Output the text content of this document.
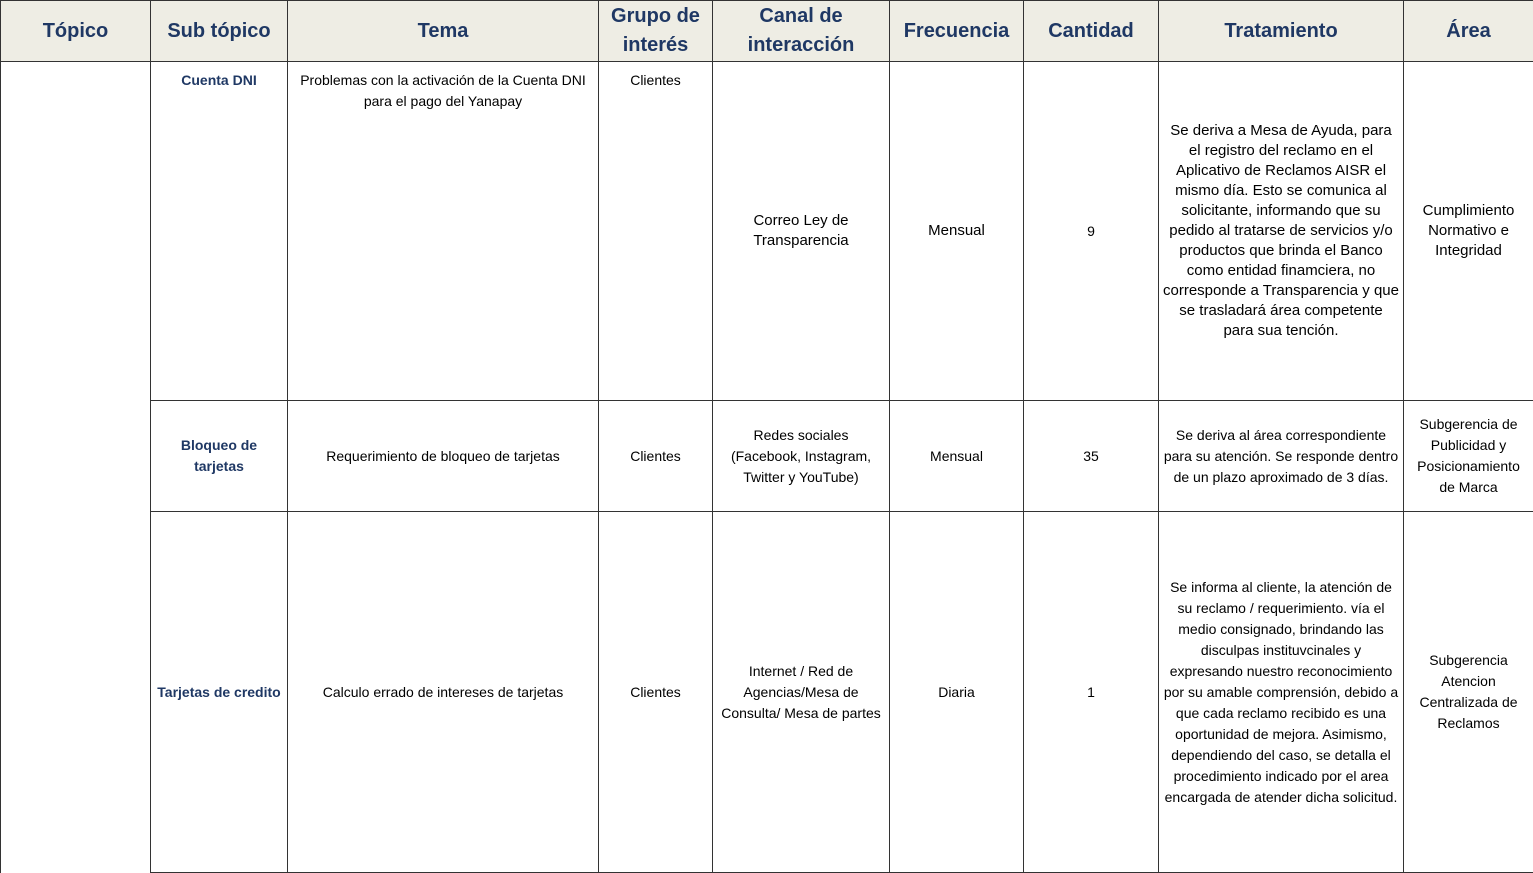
Tópico	Sub tópico	Tema	Grupo de interés	Canal de interacción	Frecuencia	Cantidad	Tratamiento	Área
	Cuenta DNI	Problemas con la activación de la Cuenta DNI para el pago del Yanapay	Clientes	Correo Ley de Transparencia	Mensual	9	Se deriva a Mesa de Ayuda, para el registro del reclamo en el Aplicativo de Reclamos AISR el mismo día. Esto se comunica al solicitante, informando que su pedido al tratarse de servicios y/o productos que brinda el Banco como entidad finamciera, no corresponde a Transparencia y que se trasladará área competente para sua tención.	Cumplimiento Normativo e Integridad
	Bloqueo de tarjetas	Requerimiento de bloqueo de tarjetas	Clientes	Redes sociales (Facebook, Instagram, Twitter y YouTube)	Mensual	35	Se deriva al área correspondiente para su atención. Se responde dentro de un plazo aproximado de 3 días.	Subgerencia de Publicidad y Posicionamiento de Marca
	Tarjetas de credito	Calculo errado de intereses de tarjetas	Clientes	Internet / Red de Agencias/Mesa de Consulta/ Mesa de partes	Diaria	1	Se informa al cliente, la atención de su reclamo / requerimiento. vía el medio consignado, brindando las disculpas instituvcinales y expresando nuestro reconocimiento por su amable comprensión, debido a que cada reclamo recibido es una oportunidad de mejora. Asimismo, dependiendo del caso, se detalla el procedimiento indicado por el area encargada de atender dicha solicitud.	Subgerencia Atencion Centralizada de Reclamos
